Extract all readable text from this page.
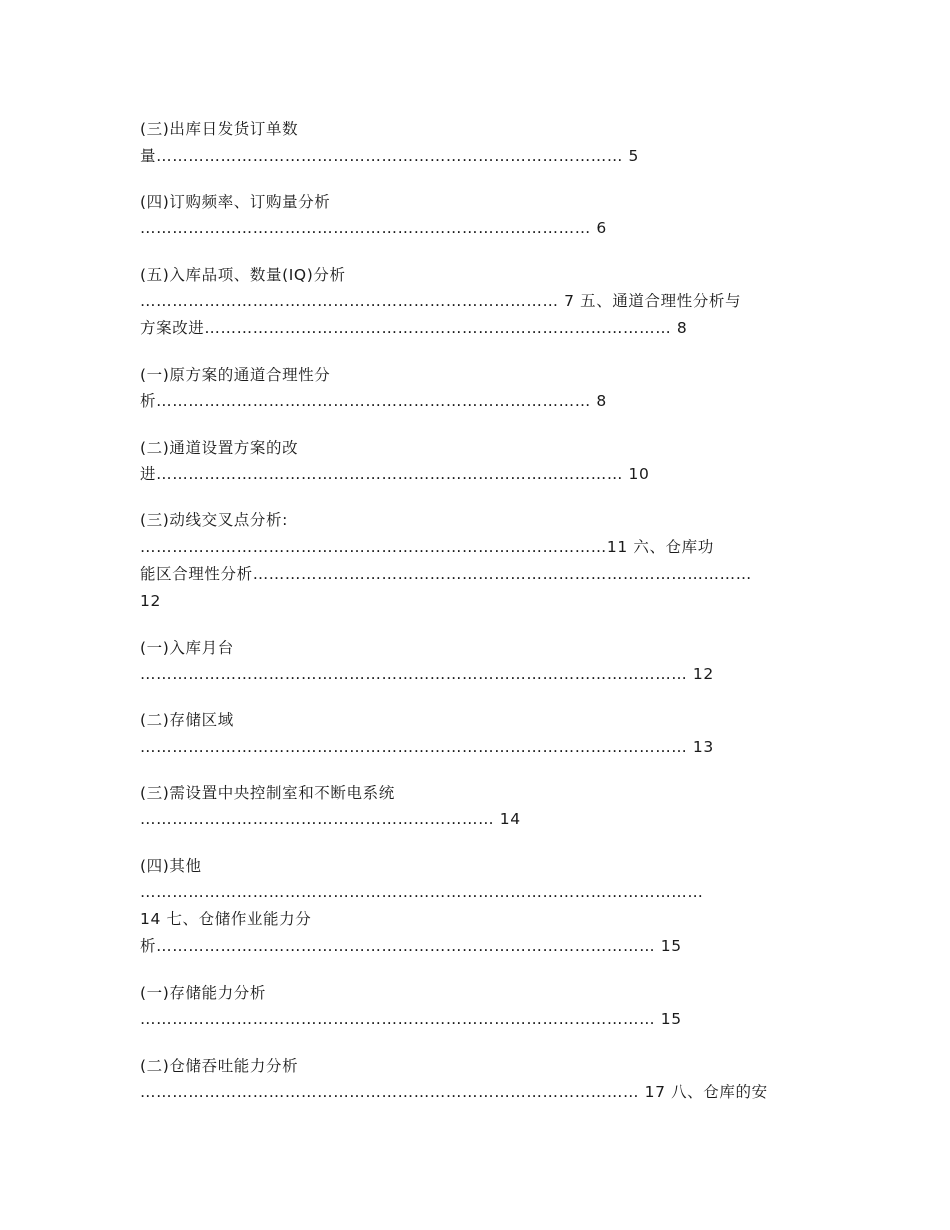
(三)出库日发货订单数
量…………………………………………………………………………… 5
(四)订购频率、订购量分析
………………………………………………………………………… 6
(五)入库品项、数量(IQ)分析
…………………………………………………………………… 7 五、通道合理性分析与
方案改进…………………………………………………………………………… 8
(一)原方案的通道合理性分
析……………………………………………………………………… 8
(二)通道设置方案的改
进…………………………………………………………………………… 10
(三)动线交叉点分析:
……………………………………………………………………………11 六、仓库功
能区合理性分析…………………………………………………………………………………
12
(一)入库月台
………………………………………………………………………………………… 12
(二)存储区域
………………………………………………………………………………………… 13
(三)需设置中央控制室和不断电系统
………………………………………………………… 14
(四)其他
……………………………………………………………………………………………
14 七、仓储作业能力分
析………………………………………………………………………………… 15
(一)存储能力分析
…………………………………………………………………………………… 15
(二)仓储吞吐能力分析
………………………………………………………………………………… 17 八、仓库的安
